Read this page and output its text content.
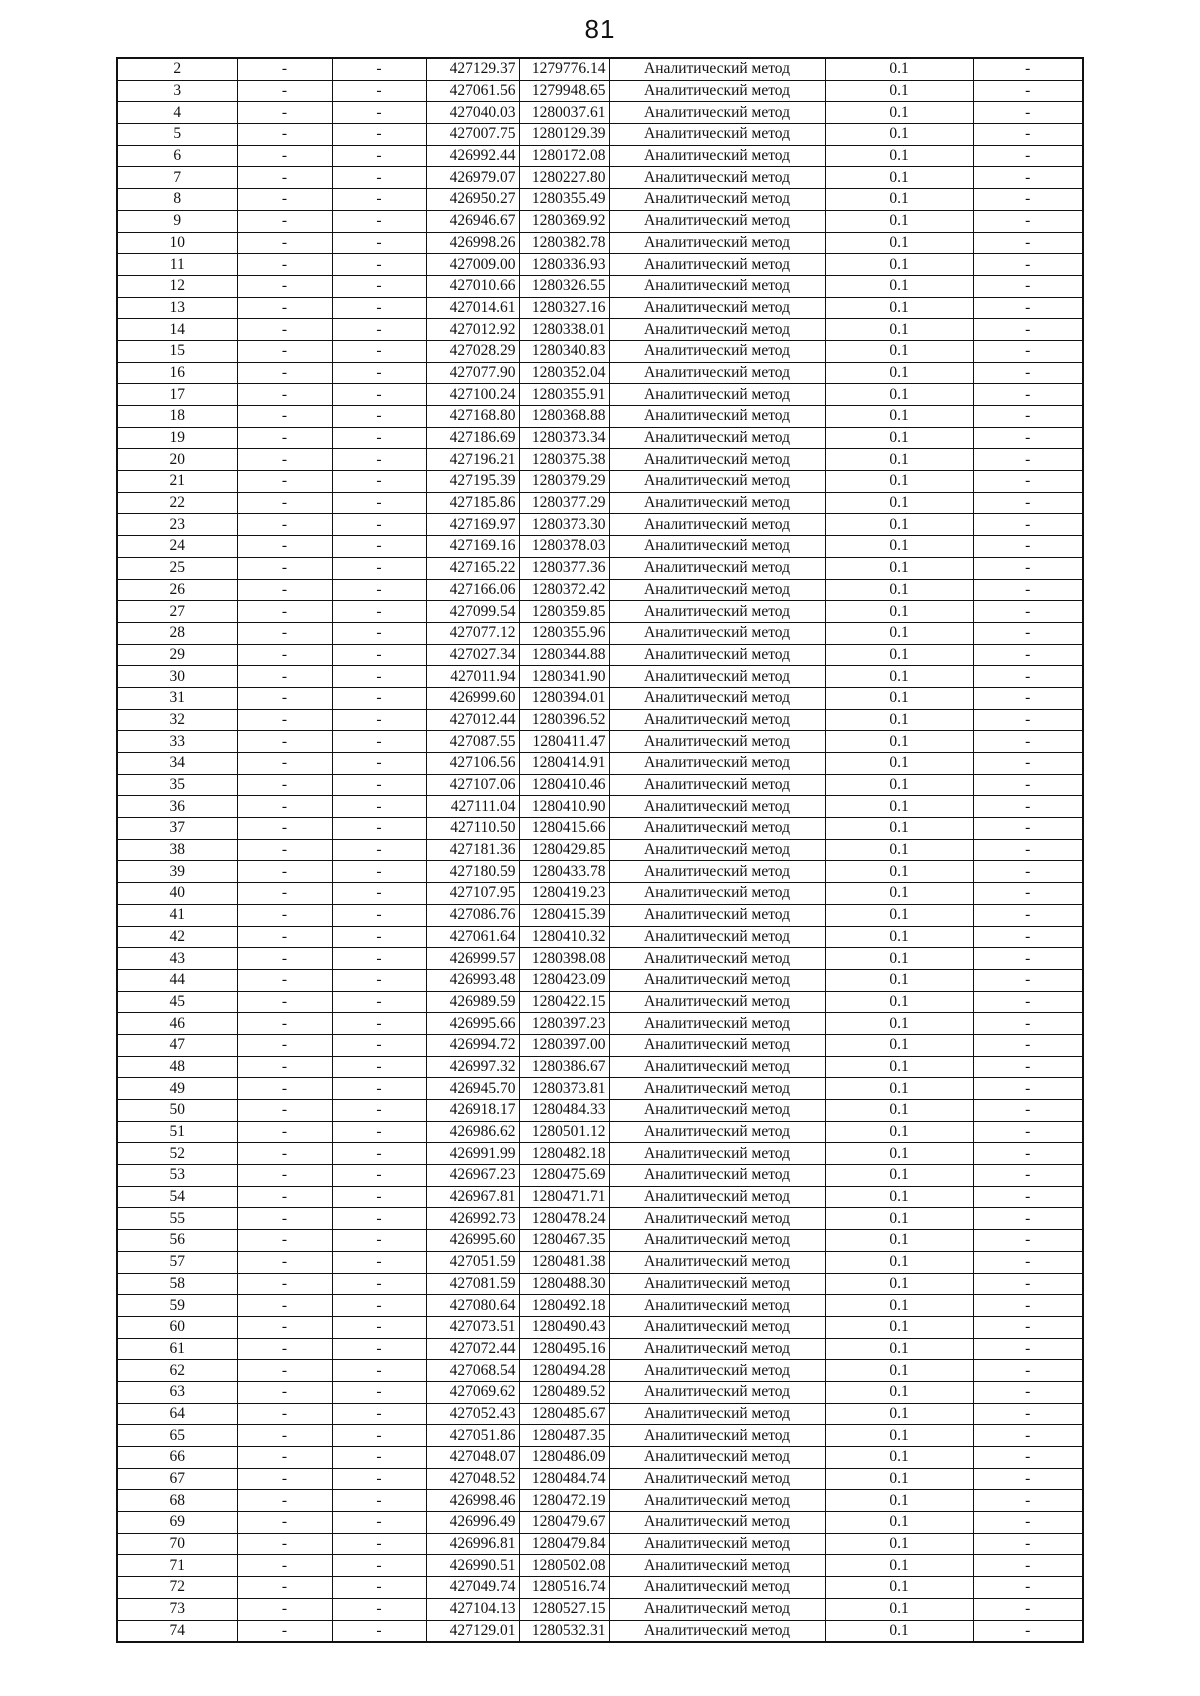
81
2	-	-	427129.37	1279776.14	Аналитический метод	0.1	-
3	-	-	427061.56	1279948.65	Аналитический метод	0.1	-
4	-	-	427040.03	1280037.61	Аналитический метод	0.1	-
5	-	-	427007.75	1280129.39	Аналитический метод	0.1	-
6	-	-	426992.44	1280172.08	Аналитический метод	0.1	-
7	-	-	426979.07	1280227.80	Аналитический метод	0.1	-
8	-	-	426950.27	1280355.49	Аналитический метод	0.1	-
9	-	-	426946.67	1280369.92	Аналитический метод	0.1	-
10	-	-	426998.26	1280382.78	Аналитический метод	0.1	-
11	-	-	427009.00	1280336.93	Аналитический метод	0.1	-
12	-	-	427010.66	1280326.55	Аналитический метод	0.1	-
13	-	-	427014.61	1280327.16	Аналитический метод	0.1	-
14	-	-	427012.92	1280338.01	Аналитический метод	0.1	-
15	-	-	427028.29	1280340.83	Аналитический метод	0.1	-
16	-	-	427077.90	1280352.04	Аналитический метод	0.1	-
17	-	-	427100.24	1280355.91	Аналитический метод	0.1	-
18	-	-	427168.80	1280368.88	Аналитический метод	0.1	-
19	-	-	427186.69	1280373.34	Аналитический метод	0.1	-
20	-	-	427196.21	1280375.38	Аналитический метод	0.1	-
21	-	-	427195.39	1280379.29	Аналитический метод	0.1	-
22	-	-	427185.86	1280377.29	Аналитический метод	0.1	-
23	-	-	427169.97	1280373.30	Аналитический метод	0.1	-
24	-	-	427169.16	1280378.03	Аналитический метод	0.1	-
25	-	-	427165.22	1280377.36	Аналитический метод	0.1	-
26	-	-	427166.06	1280372.42	Аналитический метод	0.1	-
27	-	-	427099.54	1280359.85	Аналитический метод	0.1	-
28	-	-	427077.12	1280355.96	Аналитический метод	0.1	-
29	-	-	427027.34	1280344.88	Аналитический метод	0.1	-
30	-	-	427011.94	1280341.90	Аналитический метод	0.1	-
31	-	-	426999.60	1280394.01	Аналитический метод	0.1	-
32	-	-	427012.44	1280396.52	Аналитический метод	0.1	-
33	-	-	427087.55	1280411.47	Аналитический метод	0.1	-
34	-	-	427106.56	1280414.91	Аналитический метод	0.1	-
35	-	-	427107.06	1280410.46	Аналитический метод	0.1	-
36	-	-	427111.04	1280410.90	Аналитический метод	0.1	-
37	-	-	427110.50	1280415.66	Аналитический метод	0.1	-
38	-	-	427181.36	1280429.85	Аналитический метод	0.1	-
39	-	-	427180.59	1280433.78	Аналитический метод	0.1	-
40	-	-	427107.95	1280419.23	Аналитический метод	0.1	-
41	-	-	427086.76	1280415.39	Аналитический метод	0.1	-
42	-	-	427061.64	1280410.32	Аналитический метод	0.1	-
43	-	-	426999.57	1280398.08	Аналитический метод	0.1	-
44	-	-	426993.48	1280423.09	Аналитический метод	0.1	-
45	-	-	426989.59	1280422.15	Аналитический метод	0.1	-
46	-	-	426995.66	1280397.23	Аналитический метод	0.1	-
47	-	-	426994.72	1280397.00	Аналитический метод	0.1	-
48	-	-	426997.32	1280386.67	Аналитический метод	0.1	-
49	-	-	426945.70	1280373.81	Аналитический метод	0.1	-
50	-	-	426918.17	1280484.33	Аналитический метод	0.1	-
51	-	-	426986.62	1280501.12	Аналитический метод	0.1	-
52	-	-	426991.99	1280482.18	Аналитический метод	0.1	-
53	-	-	426967.23	1280475.69	Аналитический метод	0.1	-
54	-	-	426967.81	1280471.71	Аналитический метод	0.1	-
55	-	-	426992.73	1280478.24	Аналитический метод	0.1	-
56	-	-	426995.60	1280467.35	Аналитический метод	0.1	-
57	-	-	427051.59	1280481.38	Аналитический метод	0.1	-
58	-	-	427081.59	1280488.30	Аналитический метод	0.1	-
59	-	-	427080.64	1280492.18	Аналитический метод	0.1	-
60	-	-	427073.51	1280490.43	Аналитический метод	0.1	-
61	-	-	427072.44	1280495.16	Аналитический метод	0.1	-
62	-	-	427068.54	1280494.28	Аналитический метод	0.1	-
63	-	-	427069.62	1280489.52	Аналитический метод	0.1	-
64	-	-	427052.43	1280485.67	Аналитический метод	0.1	-
65	-	-	427051.86	1280487.35	Аналитический метод	0.1	-
66	-	-	427048.07	1280486.09	Аналитический метод	0.1	-
67	-	-	427048.52	1280484.74	Аналитический метод	0.1	-
68	-	-	426998.46	1280472.19	Аналитический метод	0.1	-
69	-	-	426996.49	1280479.67	Аналитический метод	0.1	-
70	-	-	426996.81	1280479.84	Аналитический метод	0.1	-
71	-	-	426990.51	1280502.08	Аналитический метод	0.1	-
72	-	-	427049.74	1280516.74	Аналитический метод	0.1	-
73	-	-	427104.13	1280527.15	Аналитический метод	0.1	-
74	-	-	427129.01	1280532.31	Аналитический метод	0.1	-
